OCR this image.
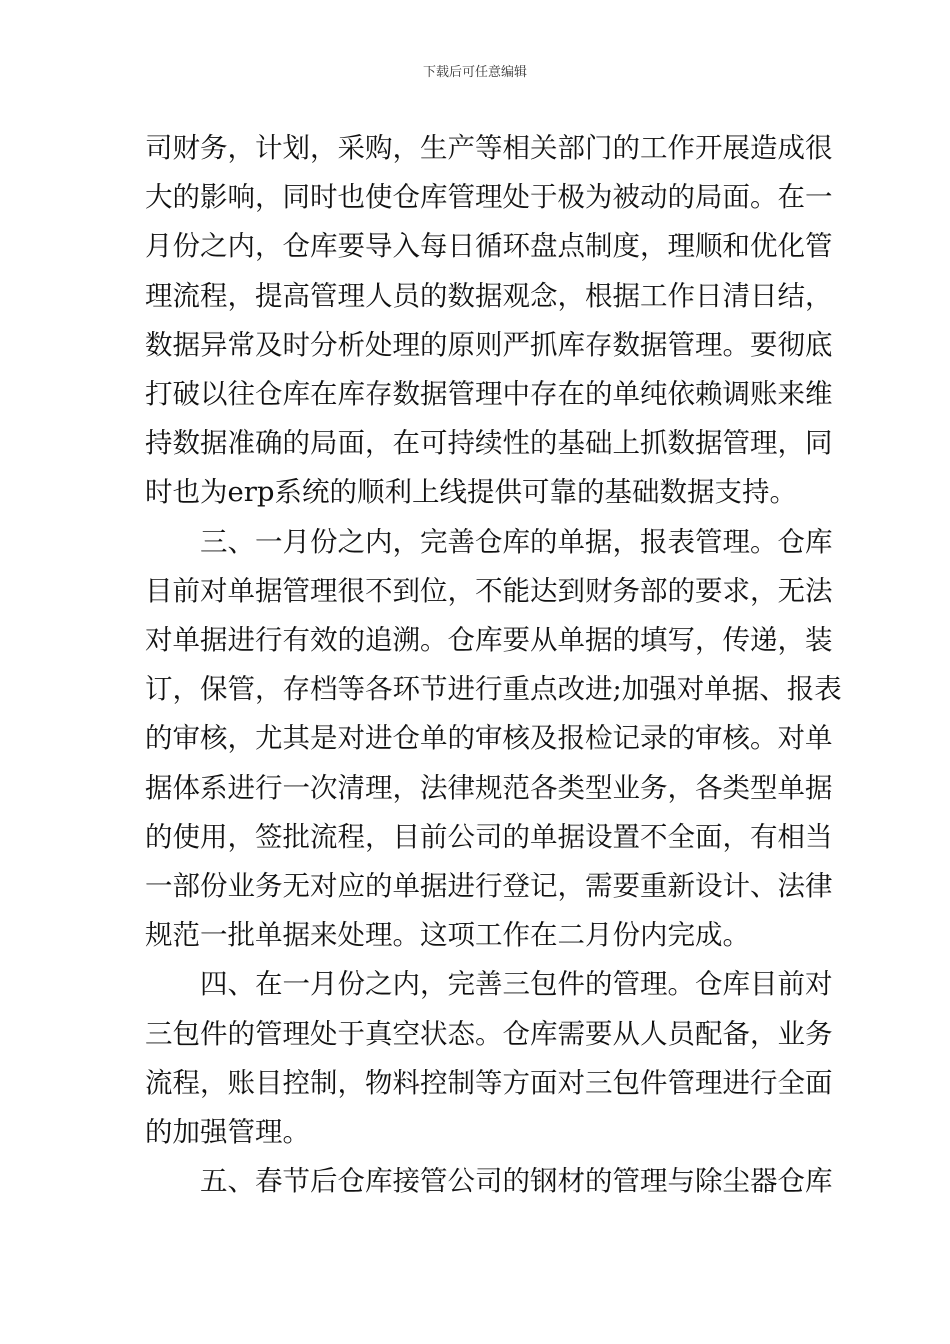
下载后可任意编辑

司财务，计划，采购，生产等相关部门的工作开展造成很

大的影响，同时也使仓库管理处于极为被动的局面。在一

月份之内，仓库要导入每日循环盘点制度，理顺和优化管

理流程，提高管理人员的数据观念，根据工作日清日结，

数据异常及时分析处理的原则严抓库存数据管理。要彻底

打破以往仓库在库存数据管理中存在的单纯依赖调账来维

持数据准确的局面，在可持续性的基础上抓数据管理，同

时也为erp系统的顺利上线提供可靠的基础数据支持。

　　三、一月份之内，完善仓库的单据，报表管理。仓库

目前对单据管理很不到位，不能达到财务部的要求，无法

对单据进行有效的追溯。仓库要从单据的填写，传递，装

订，保管，存档等各环节进行重点改进;加强对单据、报表

的审核，尤其是对进仓单的审核及报检记录的审核。对单

据体系进行一次清理，法律规范各类型业务，各类型单据

的使用，签批流程，目前公司的单据设置不全面，有相当

一部份业务无对应的单据进行登记，需要重新设计、法律

规范一批单据来处理。这项工作在二月份内完成。

　　四、在一月份之内，完善三包件的管理。仓库目前对

三包件的管理处于真空状态。仓库需要从人员配备，业务

流程，账目控制，物料控制等方面对三包件管理进行全面

的加强管理。

　　五、春节后仓库接管公司的钢材的管理与除尘器仓库
